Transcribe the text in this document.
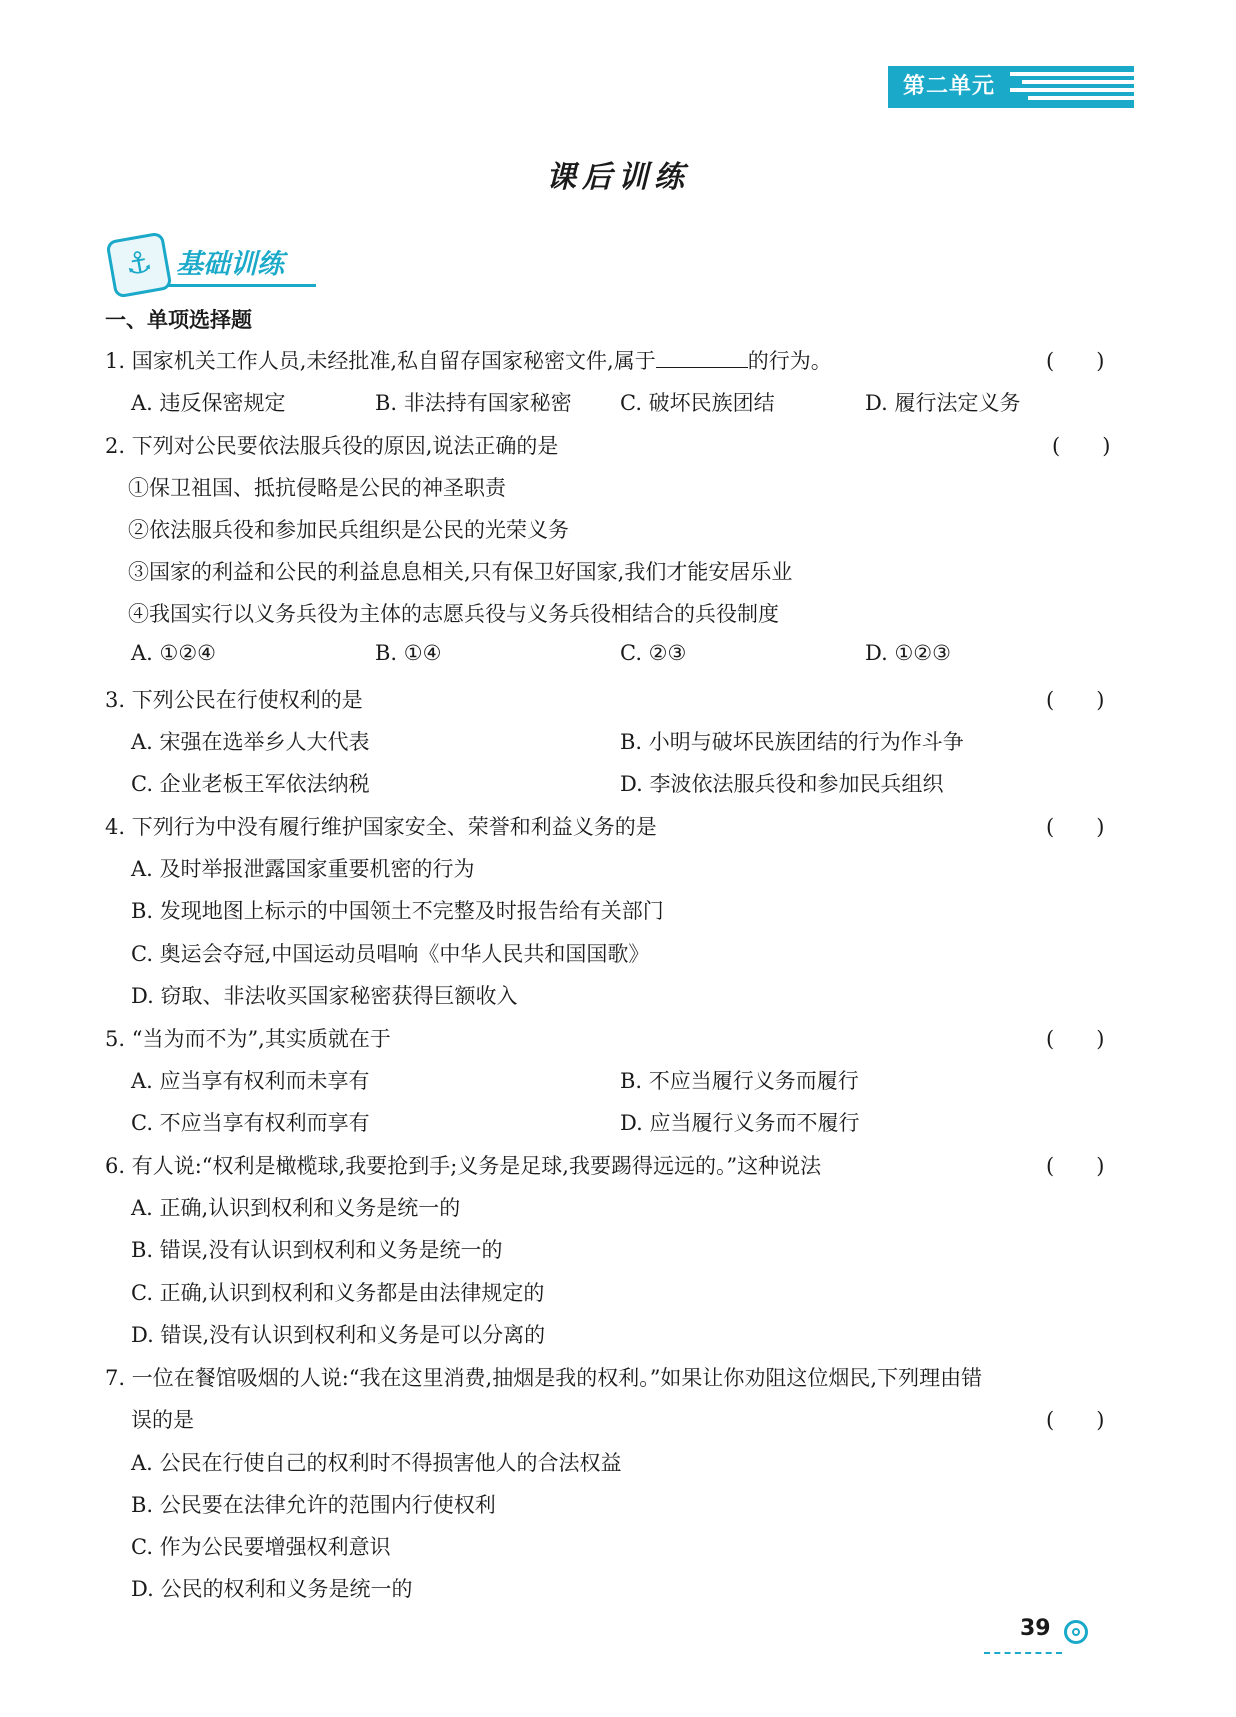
第二单元
课后训练
⚓ 基础训练
一、单项选择题
1. 国家机关工作人员,未经批准,私自留存国家秘密文件,属于	的行为。	(　　)
A. 违反保密规定	B. 非法持有国家秘密 C. 破坏民族团结	D. 履行法定义务
2. 下列对公民要依法服兵役的原因,说法正确的是	(　　)
①保卫祖国、抵抗侵略是公民的神圣职责
②依法服兵役和参加民兵组织是公民的光荣义务
③国家的利益和公民的利益息息相关,只有保卫好国家,我们才能安居乐业
④我国实行以义务兵役为主体的志愿兵役与义务兵役相结合的兵役制度
A. ①②④	B. ①④	C. ②③	D. ①②③
3. 下列公民在行使权利的是	(　　)
A. 宋强在选举乡人大代表	B. 小明与破坏民族团结的行为作斗争
C. 企业老板王军依法纳税	D. 李波依法服兵役和参加民兵组织
4. 下列行为中没有履行维护国家安全、荣誉和利益义务的是	(　　)
A. 及时举报泄露国家重要机密的行为
B. 发现地图上标示的中国领土不完整及时报告给有关部门
C. 奥运会夺冠,中国运动员唱响《中华人民共和国国歌》
D. 窃取、非法收买国家秘密获得巨额收入
5. “当为而不为”,其实质就在于	(　　)
A. 应当享有权利而未享有	B. 不应当履行义务而履行
C. 不应当享有权利而享有	D. 应当履行义务而不履行
6. 有人说:“权利是橄榄球,我要抢到手;义务是足球,我要踢得远远的。”这种说法	(　　)
A. 正确,认识到权利和义务是统一的
B. 错误,没有认识到权利和义务是统一的
C. 正确,认识到权利和义务都是由法律规定的
D. 错误,没有认识到权利和义务是可以分离的
7. 一位在餐馆吸烟的人说:“我在这里消费,抽烟是我的权利。”如果让你劝阻这位烟民,下列理由错
误的是	(　　)
A. 公民在行使自己的权利时不得损害他人的合法权益
B. 公民要在法律允许的范围内行使权利
C. 作为公民要增强权利意识
D. 公民的权利和义务是统一的
39
